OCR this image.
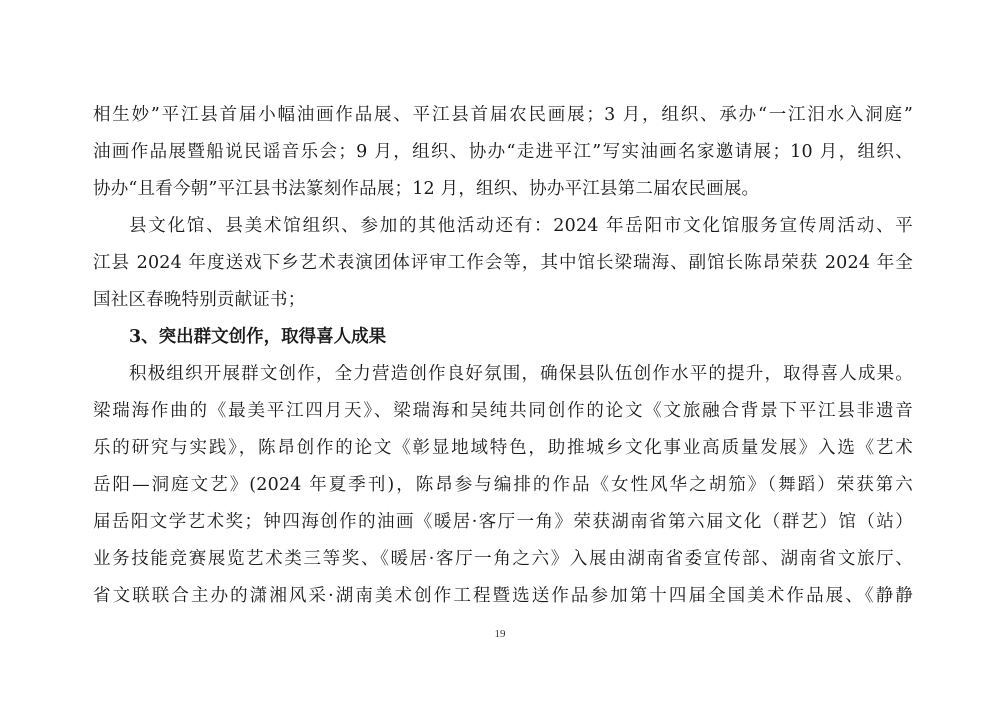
相生妙”平江县首届小幅油画作品展、平江县首届农民画展；3 月，组织、承办“一江汨水入洞庭”
油画作品展暨船说民谣音乐会；9 月，组织、协办“走进平江”写实油画名家邀请展；10 月，组织、
协办“且看今朝”平江县书法篆刻作品展；12 月，组织、协办平江县第二届农民画展。
县文化馆、县美术馆组织、参加的其他活动还有：2024 年岳阳市文化馆服务宣传周活动、平
江县 2024 年度送戏下乡艺术表演团体评审工作会等，其中馆长梁瑞海、副馆长陈昂荣获 2024 年全
国社区春晚特别贡献证书；
3、突出群文创作，取得喜人成果
积极组织开展群文创作，全力营造创作良好氛围，确保县队伍创作水平的提升，取得喜人成果。
梁瑞海作曲的《最美平江四月天》、梁瑞海和吴纯共同创作的论文《文旅融合背景下平江县非遗音
乐的研究与实践》，陈昂创作的论文《彰显地域特色，助推城乡文化事业高质量发展》入选《艺术
岳阳—洞庭文艺》(2024 年夏季刊)，陈昂参与编排的作品《女性风华之胡笳》（舞蹈）荣获第六
届岳阳文学艺术奖；钟四海创作的油画《暖居·客厅一角》荣获湖南省第六届文化（群艺）馆（站）
业务技能竞赛展览艺术类三等奖、《暖居·客厅一角之六》入展由湖南省委宣传部、湖南省文旅厅、
省文联联合主办的潇湘风采·湖南美术创作工程暨选送作品参加第十四届全国美术作品展、《静静
19
